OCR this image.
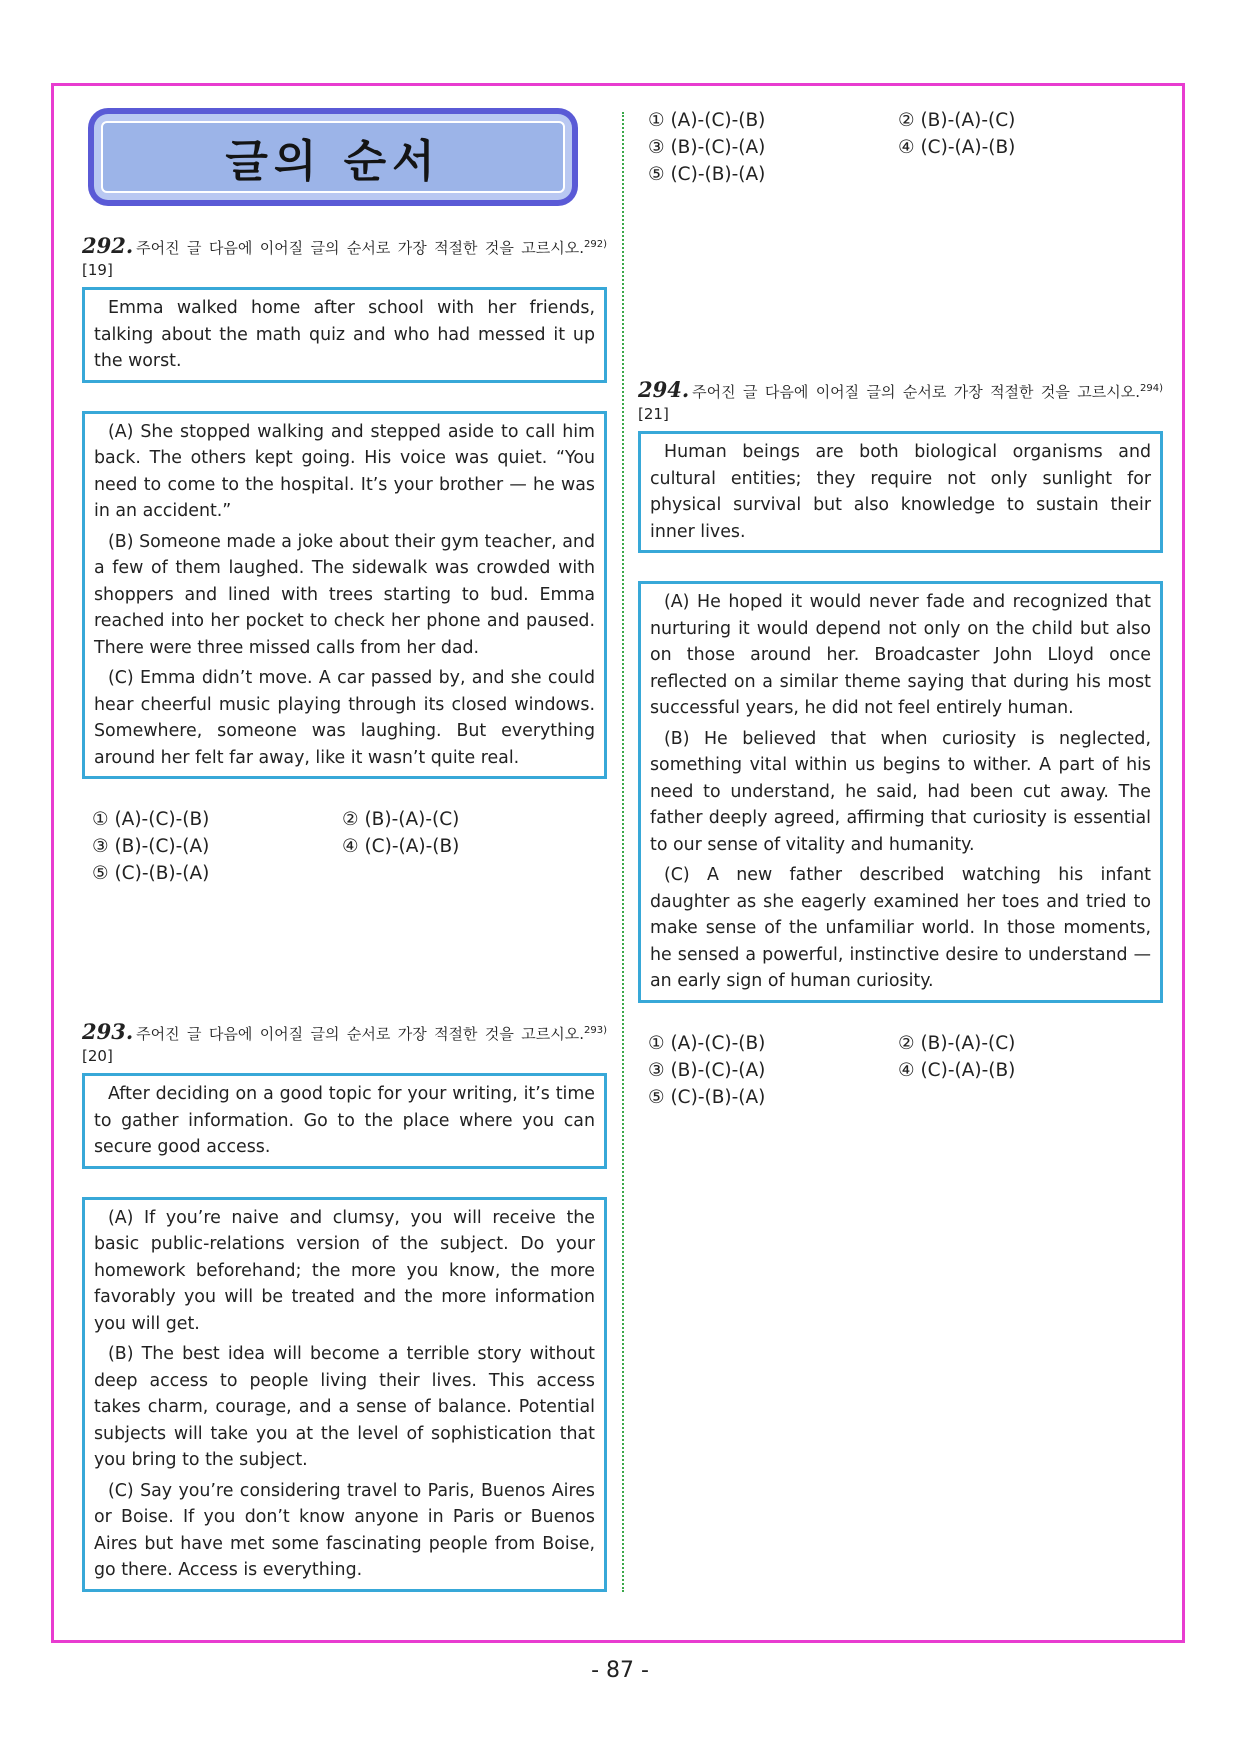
글의 순서
292. 주어진 글 다음에 이어질 글의 순서로 가장 적절한 것을 고르시오.$^{292)}$[19]

Emma walked home after school with her friends, talking about the math quiz and who had messed it up the worst.

(A) She stopped walking and stepped aside to call him back. The others kept going. His voice was quiet. “You need to come to the hospital. It’s your brother — he was in an accident.”

(B) Someone made a joke about their gym teacher, and a few of them laughed. The sidewalk was crowded with shoppers and lined with trees starting to bud. Emma reached into her pocket to check her phone and paused. There were three missed calls from her dad.

(C) Emma didn’t move. A car passed by, and she could hear cheerful music playing through its closed windows. Somewhere, someone was laughing. But everything around her felt far away, like it wasn’t quite real.

① (A)-(C)-(B)	② (B)-(A)-(C)
③ (B)-(C)-(A)	④ (C)-(A)-(B)
⑤ (C)-(B)-(A)
293. 주어진 글 다음에 이어질 글의 순서로 가장 적절한 것을 고르시오.$^{293)}$[20]

After deciding on a good topic for your writing, it’s time to gather information. Go to the place where you can secure good access.

(A) If you’re naive and clumsy, you will receive the basic public-relations version of the subject. Do your homework beforehand; the more you know, the more favorably you will be treated and the more information you will get.

(B) The best idea will become a terrible story without deep access to people living their lives. This access takes charm, courage, and a sense of balance. Potential subjects will take you at the level of sophistication that you bring to the subject.

(C) Say you’re considering travel to Paris, Buenos Aires or Boise. If you don’t know anyone in Paris or Buenos Aires but have met some fascinating people from Boise, go there. Access is everything.

① (A)-(C)-(B)	② (B)-(A)-(C)
③ (B)-(C)-(A)	④ (C)-(A)-(B)
⑤ (C)-(B)-(A)
294. 주어진 글 다음에 이어질 글의 순서로 가장 적절한 것을 고르시오.$^{294)}$[21]

Human beings are both biological organisms and cultural entities; they require not only sunlight for physical survival but also knowledge to sustain their inner lives.

(A) He hoped it would never fade and recognized that nurturing it would depend not only on the child but also on those around her. Broadcaster John Lloyd once reflected on a similar theme saying that during his most successful years, he did not feel entirely human.

(B) He believed that when curiosity is neglected, something vital within us begins to wither. A part of his need to understand, he said, had been cut away. The father deeply agreed, affirming that curiosity is essential to our sense of vitality and humanity.

(C) A new father described watching his infant daughter as she eagerly examined her toes and tried to make sense of the unfamiliar world. In those moments, he sensed a powerful, instinctive desire to understand — an early sign of human curiosity.

① (A)-(C)-(B)	② (B)-(A)-(C)
③ (B)-(C)-(A)	④ (C)-(A)-(B)
⑤ (C)-(B)-(A)
- 87 -
